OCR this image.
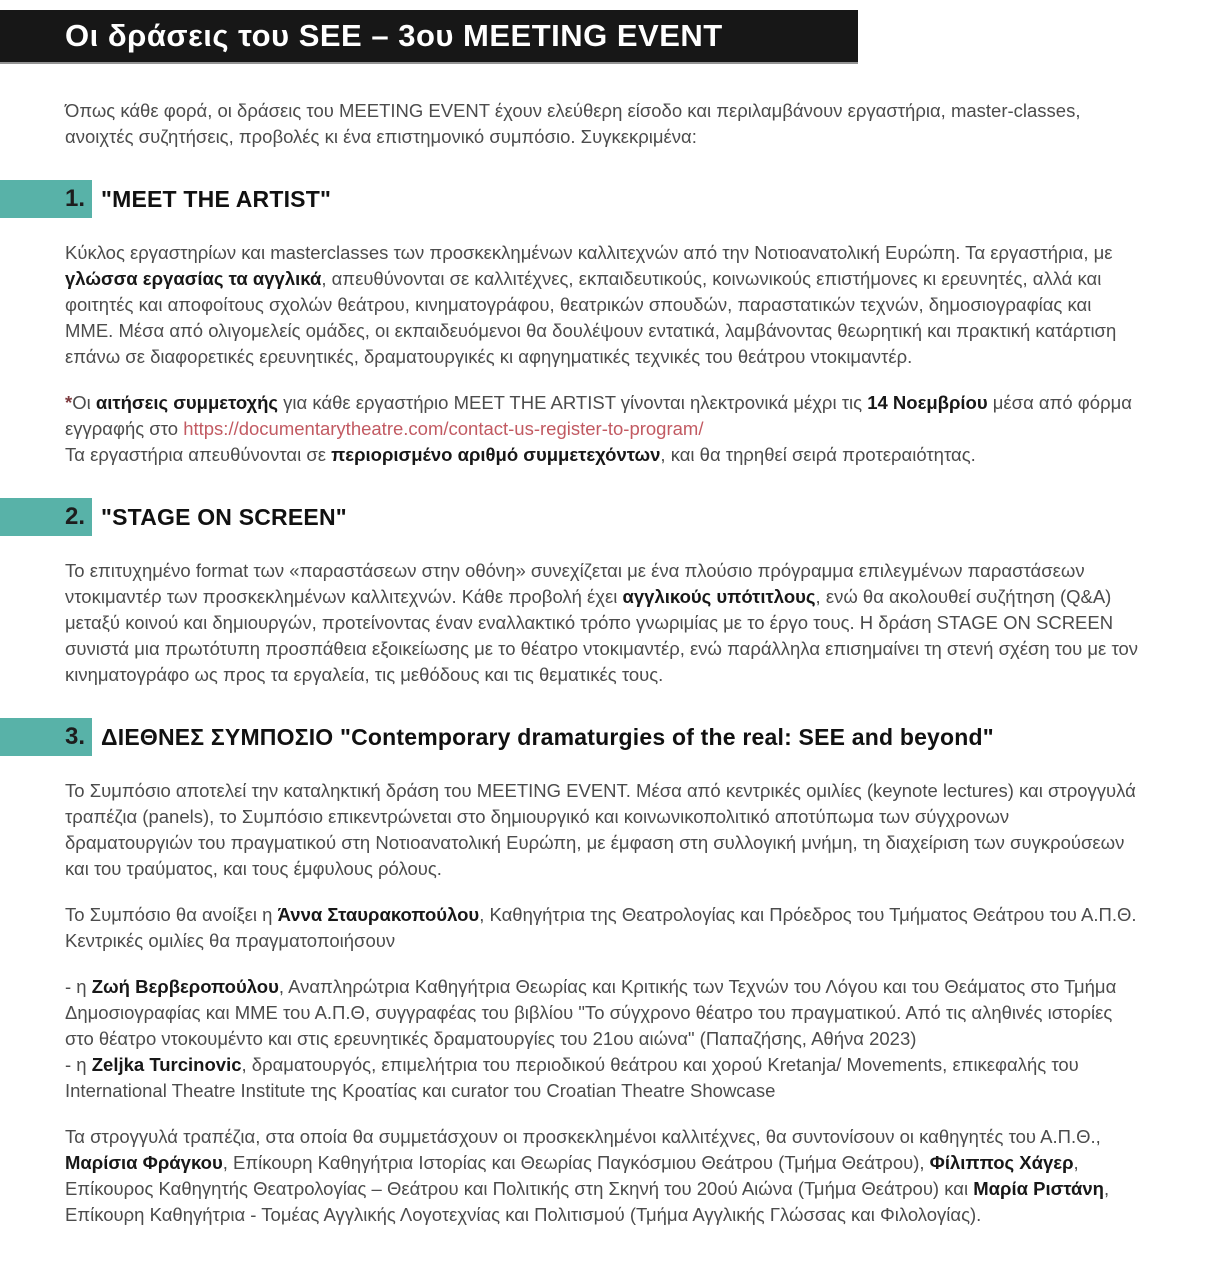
Οι δράσεις του SEE – 3ου MEETING EVENT

Όπως κάθε φορά, οι δράσεις του MEETING EVENT έχουν ελεύθερη είσοδο και περιλαμβάνουν εργαστήρια, master-classes, ανοιχτές συζητήσεις, προβολές κι ένα επιστημονικό συμπόσιο. Συγκεκριμένα:

1. "MEET THE ARTIST"

Κύκλος εργαστηρίων και masterclasses των προσκεκλημένων καλλιτεχνών από την Νοτιοανατολική Ευρώπη. Τα εργαστήρια, με γλώσσα εργασίας τα αγγλικά, απευθύνονται σε καλλιτέχνες, εκπαιδευτικούς, κοινωνικούς επιστήμονες κι ερευνητές, αλλά και φοιτητές και αποφοίτους σχολών θεάτρου, κινηματογράφου, θεατρικών σπουδών, παραστατικών τεχνών, δημοσιογραφίας και ΜΜΕ. Μέσα από ολιγομελείς ομάδες, οι εκπαιδευόμενοι θα δουλέψουν εντατικά, λαμβάνοντας θεωρητική και πρακτική κατάρτιση επάνω σε διαφορετικές ερευνητικές, δραματουργικές κι αφηγηματικές τεχνικές του θεάτρου ντοκιμαντέρ.

*Οι αιτήσεις συμμετοχής για κάθε εργαστήριο MEET THE ARTIST γίνονται ηλεκτρονικά μέχρι τις 14 Νοεμβρίου μέσα από φόρμα εγγραφής στο https://documentarytheatre.com/contact-us-register-to-program/
Τα εργαστήρια απευθύνονται σε περιορισμένο αριθμό συμμετεχόντων, και θα τηρηθεί σειρά προτεραιότητας.

2. "STAGE ON SCREEN"

Το επιτυχημένο format των «παραστάσεων στην οθόνη» συνεχίζεται με ένα πλούσιο πρόγραμμα επιλεγμένων παραστάσεων ντοκιμαντέρ των προσκεκλημένων καλλιτεχνών. Κάθε προβολή έχει αγγλικούς υπότιτλους, ενώ θα ακολουθεί συζήτηση (Q&A) μεταξύ κοινού και δημιουργών, προτείνοντας έναν εναλλακτικό τρόπο γνωριμίας με το έργο τους. Η δράση STAGE ON SCREEN συνιστά μια πρωτότυπη προσπάθεια εξοικείωσης με το θέατρο ντοκιμαντέρ, ενώ παράλληλα επισημαίνει τη στενή σχέση του με τον κινηματογράφο ως προς τα εργαλεία, τις μεθόδους και τις θεματικές τους.

3. ΔΙΕΘΝΕΣ ΣΥΜΠΟΣΙΟ "Contemporary dramaturgies of the real: SEE and beyond"

Το Συμπόσιο αποτελεί την καταληκτική δράση του MEETING EVENT. Μέσα από κεντρικές ομιλίες (keynote lectures) και στρογγυλά τραπέζια (panels), το Συμπόσιο επικεντρώνεται στο δημιουργικό και κοινωνικοπολιτικό αποτύπωμα των σύγχρονων δραματουργιών του πραγματικού στη Νοτιοανατολική Ευρώπη, με έμφαση στη συλλογική μνήμη, τη διαχείριση των συγκρούσεων και του τραύματος, και τους έμφυλους ρόλους.

Το Συμπόσιο θα ανοίξει η Άννα Σταυρακοπούλου, Καθηγήτρια της Θεατρολογίας και Πρόεδρος του Τμήματος Θεάτρου του Α.Π.Θ. Κεντρικές ομιλίες θα πραγματοποιήσουν

- η Ζωή Βερβεροπούλου, Αναπληρώτρια Καθηγήτρια Θεωρίας και Κριτικής των Τεχνών του Λόγου και του Θεάματος στο Τμήμα Δημοσιογραφίας και ΜΜΕ του Α.Π.Θ, συγγραφέας του βιβλίου "Το σύγχρονο θέατρο του πραγματικού. Από τις αληθινές ιστορίες στο θέατρο ντοκουμέντο και στις ερευνητικές δραματουργίες του 21ου αιώνα" (Παπαζήσης, Αθήνα 2023)
- η Zeljka Turcinovic, δραματουργός, επιμελήτρια του περιοδικού θεάτρου και χορού Kretanja/ Movements, επικεφαλής του International Theatre Institute της Κροατίας και curator του Croatian Theatre Showcase

Τα στρογγυλά τραπέζια, στα οποία θα συμμετάσχουν οι προσκεκλημένοι καλλιτέχνες, θα συντονίσουν οι καθηγητές του Α.Π.Θ., Μαρίσια Φράγκου, Επίκουρη Καθηγήτρια Ιστορίας και Θεωρίας Παγκόσμιου Θεάτρου (Τμήμα Θεάτρου), Φίλιππος Χάγερ, Επίκουρος Καθηγητής Θεατρολογίας – Θεάτρου και Πολιτικής στη Σκηνή του 20ού Αιώνα (Τμήμα Θεάτρου) και Μαρία Ριστάνη, Επίκουρη Καθηγήτρια - Τομέας Αγγλικής Λογοτεχνίας και Πολιτισμού (Τμήμα Αγγλικής Γλώσσας και Φιλολογίας).
